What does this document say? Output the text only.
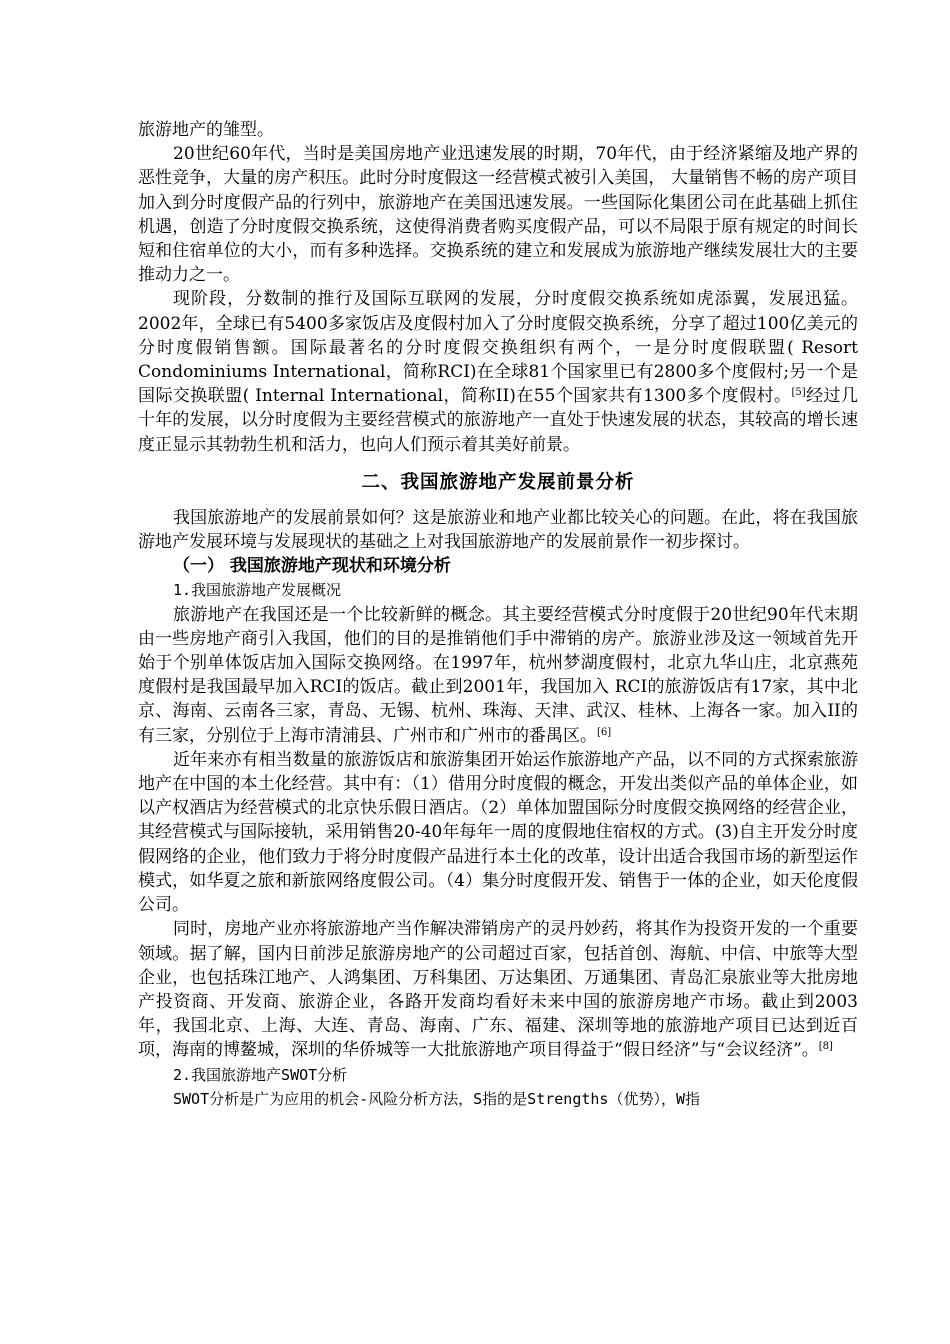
旅游地产的雏型。

20世纪60年代，当时是美国房地产业迅速发展的时期，70年代，由于经济紧缩及地产界的恶性竞争，大量的房产积压。此时分时度假这一经营模式被引入美国， 大量销售不畅的房产项目加入到分时度假产品的行列中，旅游地产在美国迅速发展。一些国际化集团公司在此基础上抓住机遇，创造了分时度假交换系统，这使得消费者购买度假产品，可以不局限于原有规定的时间长短和住宿单位的大小，而有多种选择。交换系统的建立和发展成为旅游地产继续发展壮大的主要推动力之一。

现阶段，分数制的推行及国际互联网的发展，分时度假交换系统如虎添翼，发展迅猛。2002年，全球已有5400多家饭店及度假村加入了分时度假交换系统，分享了超过100亿美元的分时度假销售额。国际最著名的分时度假交换组织有两个，一是分时度假联盟( Resort Condominiums International，简称RCI)在全球81个国家里已有2800多个度假村;另一个是国际交换联盟( Internal International，简称II)在55个国家共有1300多个度假村。[5]经过几十年的发展，以分时度假为主要经营模式的旅游地产一直处于快速发展的状态，其较高的增长速度正显示其勃勃生机和活力，也向人们预示着其美好前景。

二、我国旅游地产发展前景分析

我国旅游地产的发展前景如何？这是旅游业和地产业都比较关心的问题。在此，将在我国旅游地产发展环境与发展现状的基础之上对我国旅游地产的发展前景作一初步探讨。

（一） 我国旅游地产现状和环境分析

1.我国旅游地产发展概况

旅游地产在我国还是一个比较新鲜的概念。其主要经营模式分时度假于20世纪90年代末期由一些房地产商引入我国，他们的目的是推销他们手中滞销的房产。旅游业涉及这一领域首先开始于个别单体饭店加入国际交换网络。在1997年，杭州梦湖度假村，北京九华山庄，北京燕苑度假村是我国最早加入RCI的饭店。截止到2001年，我国加入 RCI的旅游饭店有17家，其中北京、海南、云南各三家，青岛、无锡、杭州、珠海、天津、武汉、桂林、上海各一家。加入II的有三家，分别位于上海市清浦县、广州市和广州市的番禺区。[6]

近年来亦有相当数量的旅游饭店和旅游集团开始运作旅游地产产品，以不同的方式探索旅游地产在中国的本土化经营。其中有：（1）借用分时度假的概念，开发出类似产品的单体企业，如以产权酒店为经营模式的北京快乐假日酒店。（2）单体加盟国际分时度假交换网络的经营企业，其经营模式与国际接轨，采用销售20-40年每年一周的度假地住宿权的方式。(3)自主开发分时度假网络的企业，他们致力于将分时度假产品进行本土化的改革，设计出适合我国市场的新型运作模式，如华夏之旅和新旅网络度假公司。（4）集分时度假开发、销售于一体的企业，如天伦度假公司。

同时，房地产业亦将旅游地产当作解决滞销房产的灵丹妙药，将其作为投资开发的一个重要领域。据了解，国内日前涉足旅游房地产的公司超过百家，包括首创、海航、中信、中旅等大型企业，也包括珠江地产、人鸿集团、万科集团、万达集团、万通集团、青岛汇泉旅业等大批房地产投资商、开发商、旅游企业，各路开发商均看好未来中国的旅游房地产市场。截止到2003年，我国北京、上海、大连、青岛、海南、广东、福建、深圳等地的旅游地产项目已达到近百项，海南的博鳌城，深圳的华侨城等一大批旅游地产项目得益于“假日经济”与“会议经济”。[8]

2.我国旅游地产SWOT分析

SWOT分析是广为应用的机会-风险分析方法，S指的是Strengths（优势），W指
